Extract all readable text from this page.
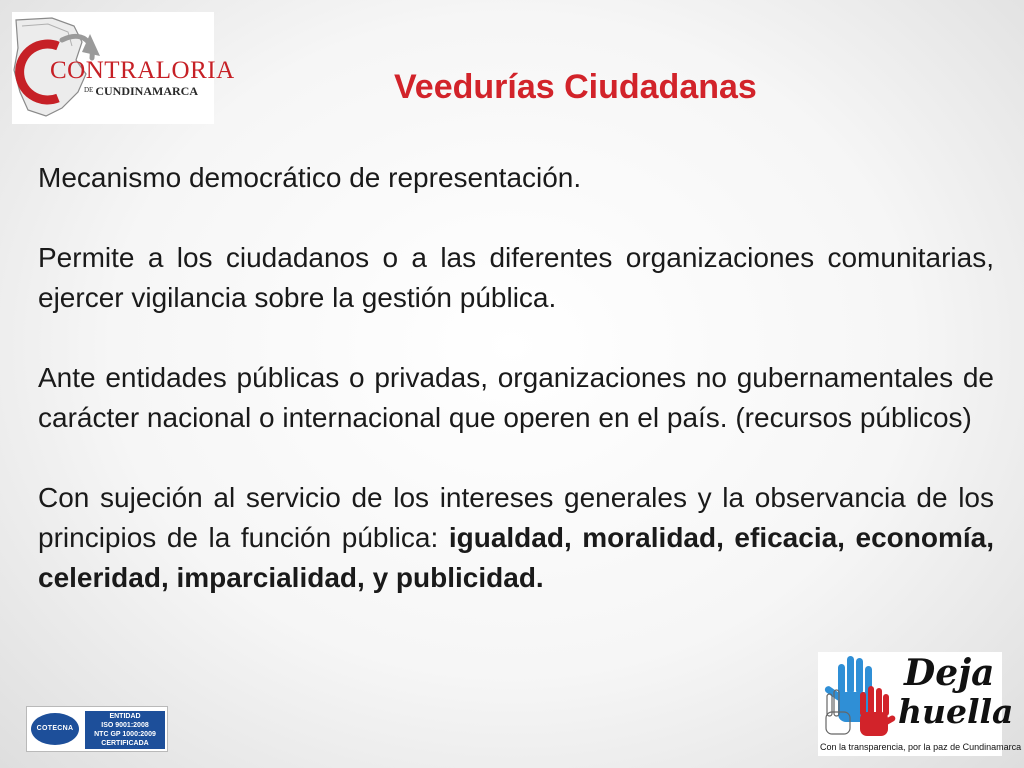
CONTRALORIA
$^{DE}$ CUNDINAMARCA	Veedurías Ciudadanas

Mecanismo democrático de representación.

Permite a los ciudadanos o a las diferentes organizaciones comunitarias, ejercer vigilancia sobre la gestión pública.

Ante entidades públicas o privadas, organizaciones no gubernamentales de carácter nacional o internacional que operen en el país. (recursos públicos)

Con sujeción al servicio de los intereses generales y la observancia de los principios de la función pública: igualdad, moralidad, eficacia, economía, celeridad, imparcialidad, y publicidad.

COTECNA
ENTIDAD
ISO 9001:2008
NTC GP 1000:2009
CERTIFICADA
Deja
huella
Con la transparencia, por la paz de Cundinamarca
